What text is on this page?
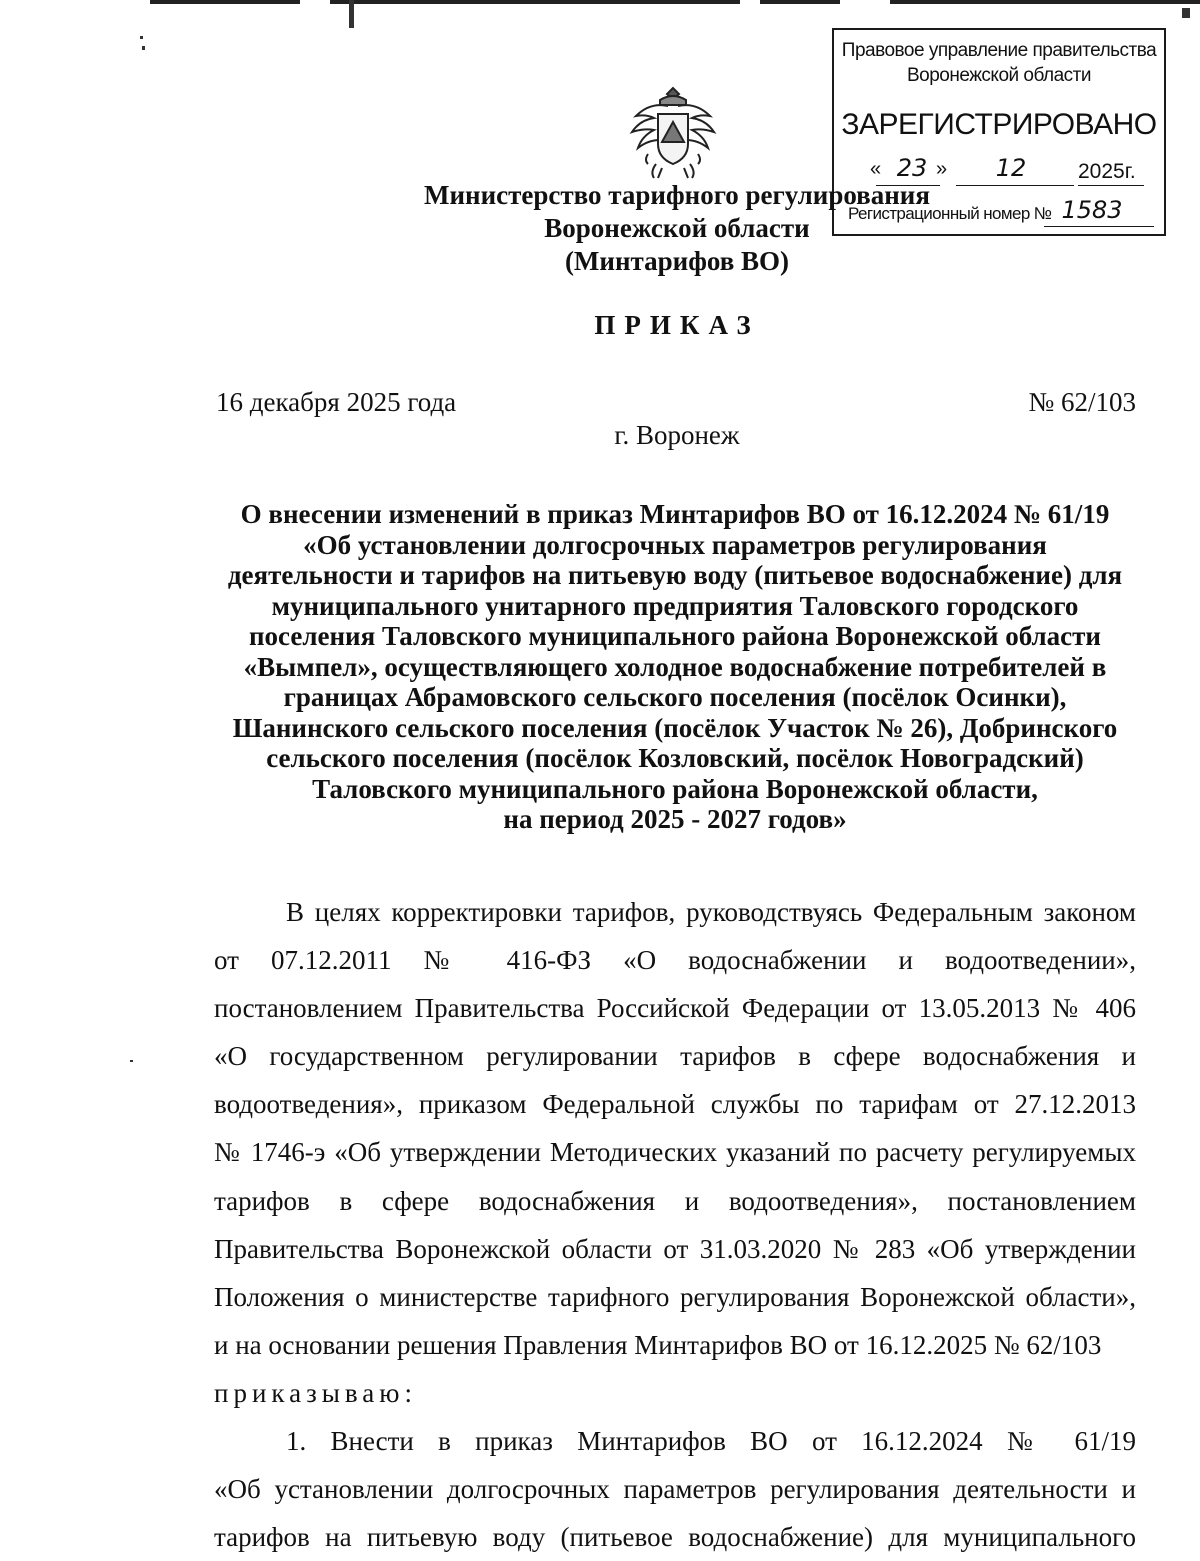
Правовое управление правительства
Воронежской области
ЗАРЕГИСТРИРОВАНО
« 23 »	12	2025г.
Регистрационный номер № 1583
Министерство тарифного регулирования
Воронежской области
(Минтарифов ВО)
ПРИКАЗ
16 декабря 2025 года	№ 62/103
г. Воронеж
О внесении изменений в приказ Минтарифов ВО от 16.12.2024 № 61/19
«Об установлении долгосрочных параметров регулирования
деятельности и тарифов на питьевую воду (питьевое водоснабжение) для
муниципального унитарного предприятия Таловского городского
поселения Таловского муниципального района Воронежской области
«Вымпел», осуществляющего холодное водоснабжение потребителей в
границах Абрамовского сельского поселения (посёлок Осинки),
Шанинского сельского поселения (посёлок Участок № 26), Добринского
сельского поселения (посёлок Козловский, посёлок Новоградский)
Таловского муниципального района Воронежской области,
на период 2025 - 2027 годов»
В целях корректировки тарифов, руководствуясь Федеральным законом
от 07.12.2011 № 416-ФЗ «О водоснабжении и водоотведении»,
постановлением Правительства Российской Федерации от 13.05.2013 № 406
«О государственном регулировании тарифов в сфере водоснабжения и
водоотведения», приказом Федеральной службы по тарифам от 27.12.2013
№ 1746-э «Об утверждении Методических указаний по расчету регулируемых
тарифов в сфере водоснабжения и водоотведения», постановлением
Правительства Воронежской области от 31.03.2020 № 283 «Об утверждении
Положения о министерстве тарифного регулирования Воронежской области»,
и на основании решения Правления Минтарифов ВО от 16.12.2025 № 62/103
приказываю:
1. Внести в приказ Минтарифов ВО от 16.12.2024 № 61/19
«Об установлении долгосрочных параметров регулирования деятельности и
тарифов на питьевую воду (питьевое водоснабжение) для муниципального
